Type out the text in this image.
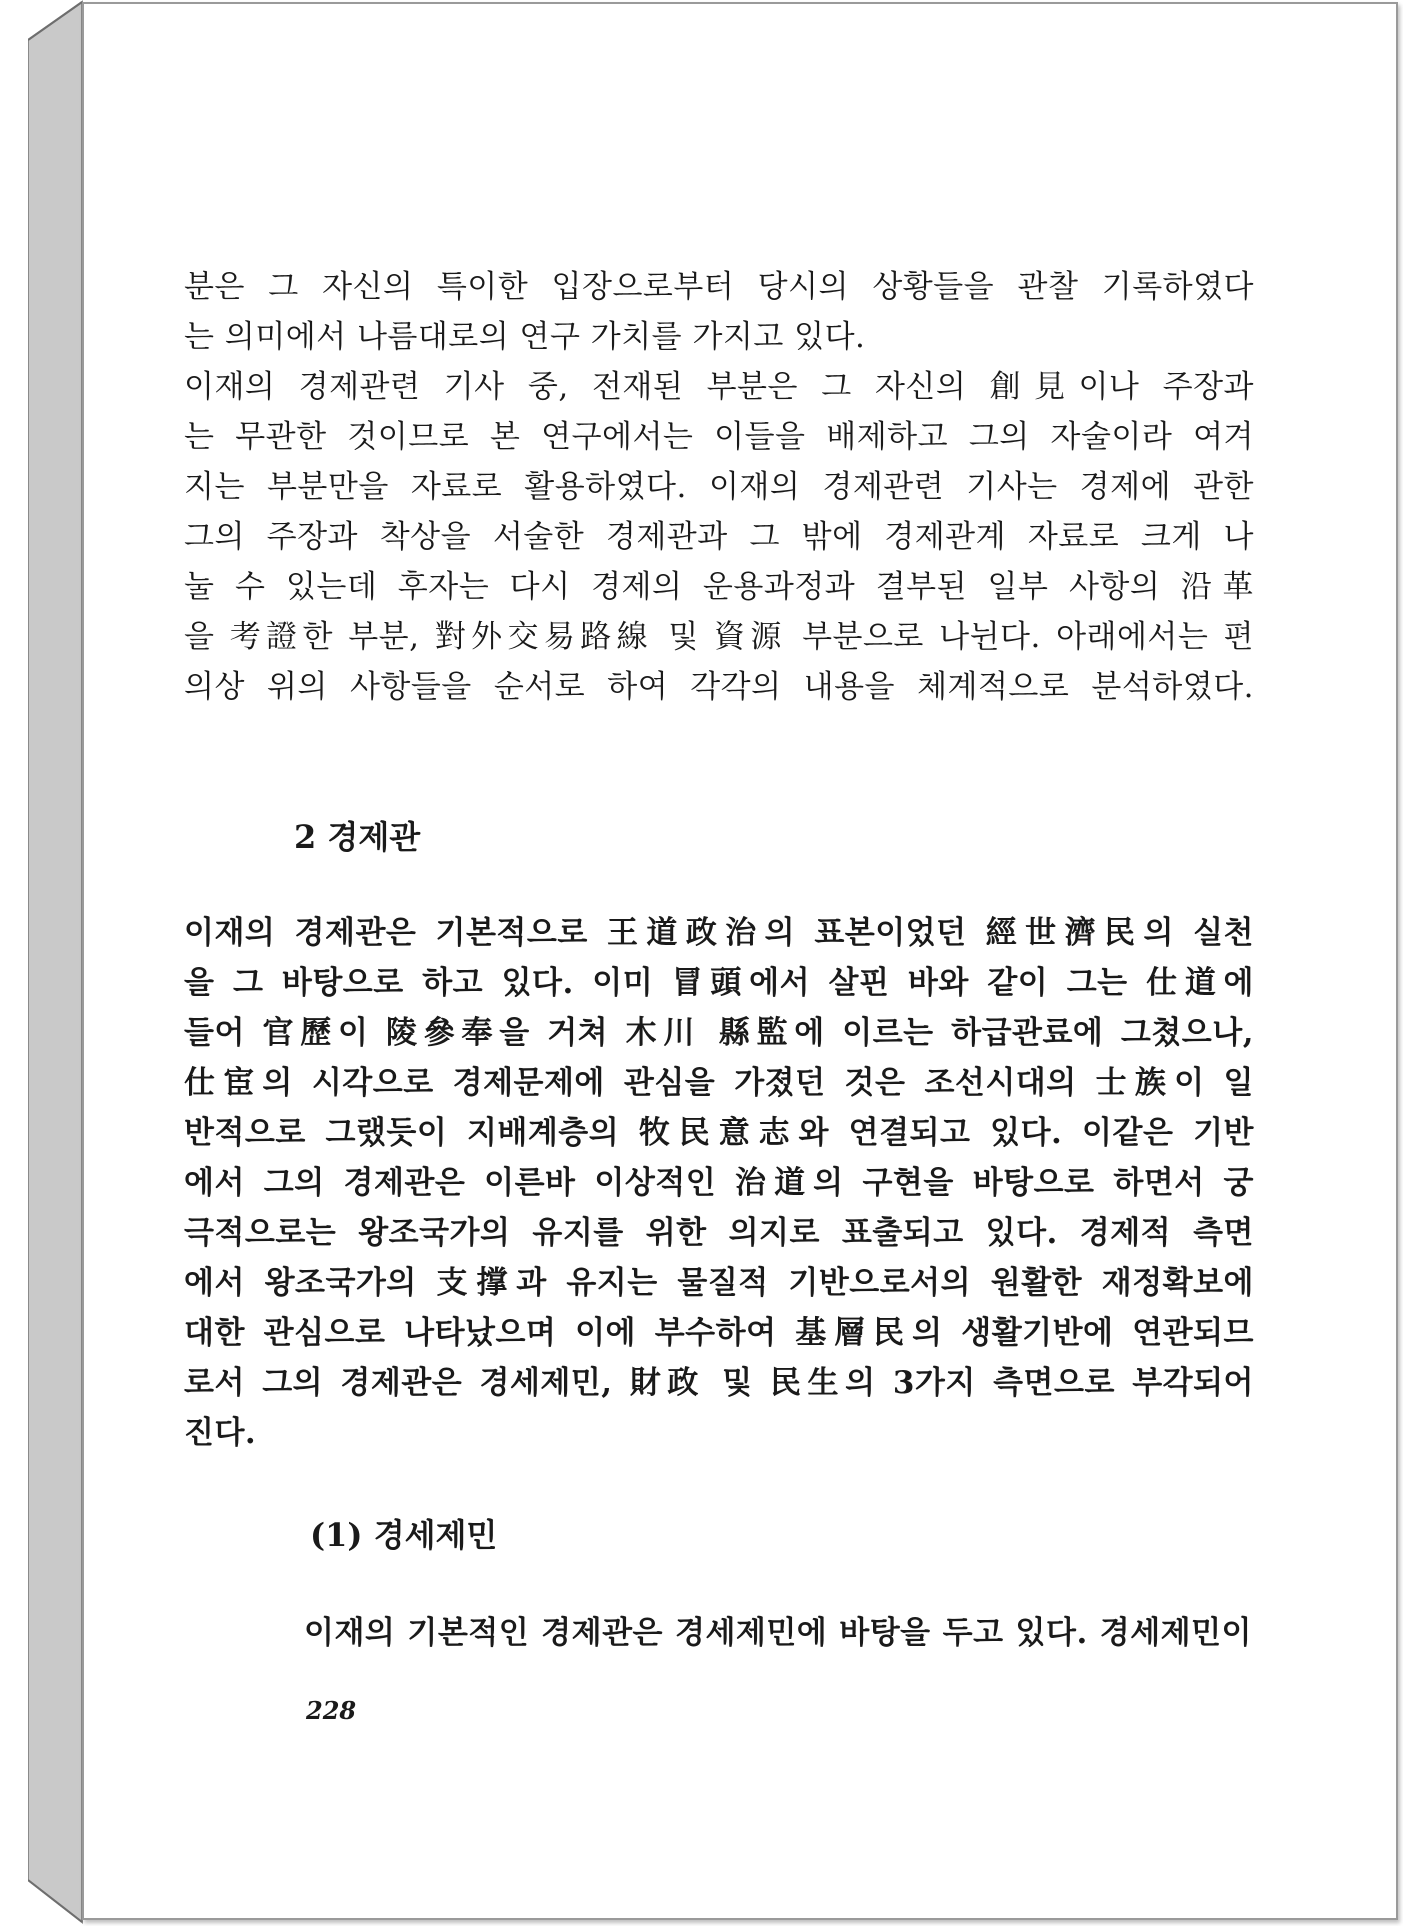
분은 그 자신의 특이한 입장으로부터 당시의 상황들을 관찰 기록하였다
는 의미에서 나름대로의 연구 가치를 가지고 있다.
이재의 경제관련 기사 중, 전재된 부분은 그 자신의 創見이나 주장과
는 무관한 것이므로 본 연구에서는 이들을 배제하고 그의 자술이라 여겨
지는 부분만을 자료로 활용하였다. 이재의 경제관련 기사는 경제에 관한
그의 주장과 착상을 서술한 경제관과 그 밖에 경제관계 자료로 크게 나
눌 수 있는데 후자는 다시 경제의 운용과정과 결부된 일부 사항의 沿革
을 考證한 부분, 對外交易路線 및 資源 부분으로 나뉜다. 아래에서는 편
의상 위의 사항들을 순서로 하여 각각의 내용을 체계적으로 분석하였다.
2 경제관
이재의 경제관은 기본적으로 王道政治의 표본이었던 經世濟民의 실천
을 그 바탕으로 하고 있다. 이미 冒頭에서 살핀 바와 같이 그는 仕道에
들어 官歷이 陵參奉을 거쳐 木川 縣監에 이르는 하급관료에 그쳤으나,
仕宦의 시각으로 경제문제에 관심을 가졌던 것은 조선시대의 士族이 일
반적으로 그랬듯이 지배계층의 牧民意志와 연결되고 있다. 이같은 기반
에서 그의 경제관은 이른바 이상적인 治道의 구현을 바탕으로 하면서 궁
극적으로는 왕조국가의 유지를 위한 의지로 표출되고 있다. 경제적 측면
에서 왕조국가의 支撑과 유지는 물질적 기반으로서의 원활한 재정확보에
대한 관심으로 나타났으며 이에 부수하여 基層民의 생활기반에 연관되므
로서 그의 경제관은 경세제민, 財政 및 民生의 3가지 측면으로 부각되어
진다.
(1) 경세제민
이재의 기본적인 경제관은 경세제민에 바탕을 두고 있다. 경세제민이
228
